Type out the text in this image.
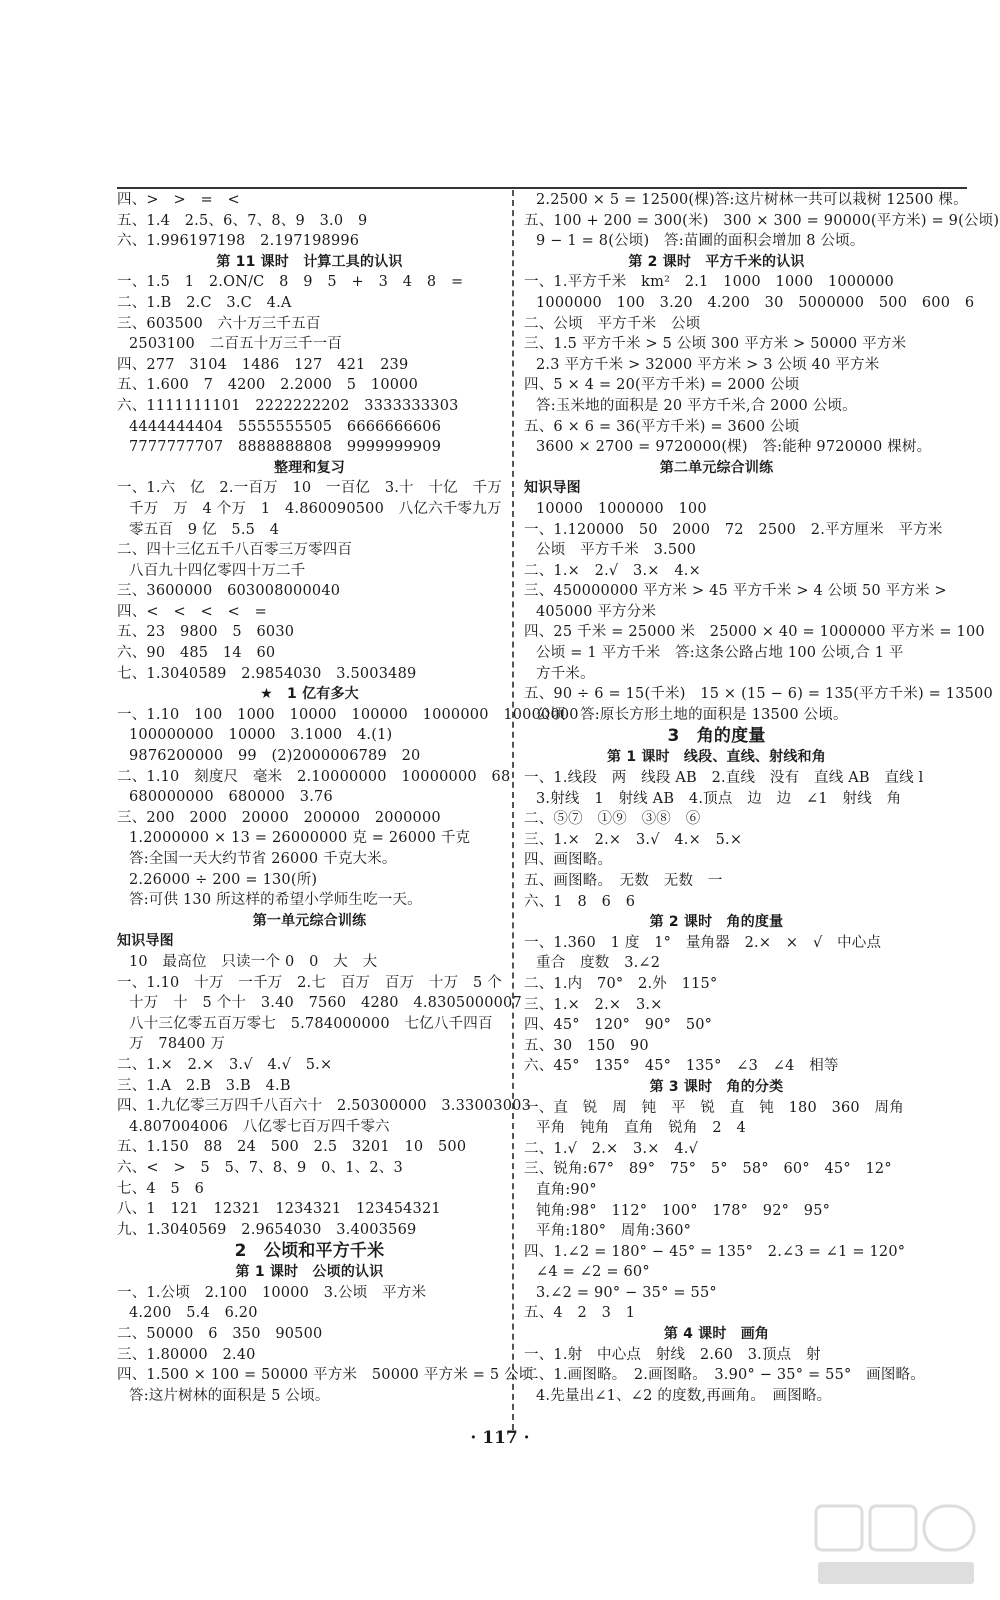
四、>　>　=　<
五、1.4　2.5、6、7、8、9　3.0　9
六、1.996197198　2.197198996
第 11 课时　计算工具的认识
一、1.5　1　2.ON/C　8　9　5　+　3　4　8　=
二、1.B　2.C　3.C　4.A
三、603500　六十万三千五百
2503100　二百五十万三千一百
四、277　3104　1486　127　421　239
五、1.600　7　4200　2.2000　5　10000
六、1111111101　2222222202　3333333303
4444444404　5555555505　6666666606
7777777707　8888888808　9999999909
整理和复习
一、1.六　亿　2.一百万　10　一百亿　3.十　十亿　千万
千万　万　4 个万　1　4.860090500　八亿六千零九万
零五百　9 亿　5.5　4
二、四十三亿五千八百零三万零四百
八百九十四亿零四十万二千
三、3600000　603008000040
四、<　<　<　<　=
五、23　9800　5　6030
六、90　485　14　60
七、1.3040589　2.9854030　3.5003489
★　1 亿有多大
一、1.10　100　1000　10000　100000　1000000　10000000
100000000　10000　3.1000　4.(1)
9876200000　99　(2)2000006789　20
二、1.10　刻度尺　毫米　2.10000000　10000000　68
680000000　680000　3.76
三、200　2000　20000　200000　2000000
1.2000000 × 13 = 26000000 克 = 26000 千克
答:全国一天大约节省 26000 千克大米。
2.26000 ÷ 200 = 130(所)
答:可供 130 所这样的希望小学师生吃一天。
第一单元综合训练
知识导图
10　最高位　只读一个 0　0　大　大
一、1.10　十万　一千万　2.七　百万　百万　十万　5 个
十万　十　5 个十　3.40　7560　4280　4.8305000007
八十三亿零五百万零七　5.784000000　七亿八千四百
万　78400 万
二、1.×　2.×　3.√　4.√　5.×
三、1.A　2.B　3.B　4.B
四、1.九亿零三万四千八百六十　2.50300000　3.33003003
4.807004006　八亿零七百万四千零六
五、1.150　88　24　500　2.5　3201　10　500
六、<　>　5　5、7、8、9　0、1、2、3
七、4　5　6
八、1　121　12321　1234321　123454321
九、1.3040569　2.9654030　3.4003569
2　公顷和平方千米
第 1 课时　公顷的认识
一、1.公顷　2.100　10000　3.公顷　平方米
4.200　5.4　6.20
二、50000　6　350　90500
三、1.80000　2.40
四、1.500 × 100 = 50000 平方米　50000 平方米 = 5 公顷
答:这片树林的面积是 5 公顷。
2.2500 × 5 = 12500(棵)答:这片树林一共可以栽树 12500 棵。
五、100 + 200 = 300(米)　300 × 300 = 90000(平方米) = 9(公顷)
9 − 1 = 8(公顷)　答:苗圃的面积会增加 8 公顷。
第 2 课时　平方千米的认识
一、1.平方千米　km²　2.1　1000　1000　1000000
1000000　100　3.20　4.200　30　5000000　500　600　6
二、公顷　平方千米　公顷
三、1.5 平方千米 > 5 公顷 300 平方米 > 50000 平方米
2.3 平方千米 > 32000 平方米 > 3 公顷 40 平方米
四、5 × 4 = 20(平方千米) = 2000 公顷
答:玉米地的面积是 20 平方千米,合 2000 公顷。
五、6 × 6 = 36(平方千米) = 3600 公顷
3600 × 2700 = 9720000(棵)　答:能种 9720000 棵树。
第二单元综合训练
知识导图
10000　1000000　100
一、1.120000　50　2000　72　2500　2.平方厘米　平方米
公顷　平方千米　3.500
二、1.×　2.√　3.×　4.×
三、450000000 平方米 > 45 平方千米 > 4 公顷 50 平方米 >
405000 平方分米
四、25 千米 = 25000 米　25000 × 40 = 1000000 平方米 = 100
公顷 = 1 平方千米　答:这条公路占地 100 公顷,合 1 平
方千米。
五、90 ÷ 6 = 15(千米)　15 × (15 − 6) = 135(平方千米) = 13500
公顷　答:原长方形土地的面积是 13500 公顷。
3　角的度量
第 1 课时　线段、直线、射线和角
一、1.线段　两　线段 AB　2.直线　没有　直线 AB　直线 l
3.射线　1　射线 AB　4.顶点　边　边　∠1　射线　角
二、⑤⑦　①⑨　③⑧　⑥
三、1.×　2.×　3.√　4.×　5.×
四、画图略。
五、画图略。　无数　无数　一
六、1　8　6　6
第 2 课时　角的度量
一、1.360　1 度　1°　量角器　2.×　×　√　中心点
重合　度数　3.∠2
二、1.内　70°　2.外　115°
三、1.×　2.×　3.×
四、45°　120°　90°　50°
五、30　150　90
六、45°　135°　45°　135°　∠3　∠4　相等
第 3 课时　角的分类
一、直　锐　周　钝　平　锐　直　钝　180　360　周角
平角　钝角　直角　锐角　2　4
二、1.√　2.×　3.×　4.√
三、锐角:67°　89°　75°　5°　58°　60°　45°　12°
直角:90°
钝角:98°　112°　100°　178°　92°　95°
平角:180°　周角:360°
四、1.∠2 = 180° − 45° = 135°　2.∠3 = ∠1 = 120°
∠4 = ∠2 = 60°
3.∠2 = 90° − 35° = 55°
五、4　2　3　1
第 4 课时　画角
一、1.射　中心点　射线　2.60　3.顶点　射
二、1.画图略。　2.画图略。　3.90° − 35° = 55°　画图略。
4.先量出∠1、∠2 的度数,再画角。　画图略。
· 117 ·
